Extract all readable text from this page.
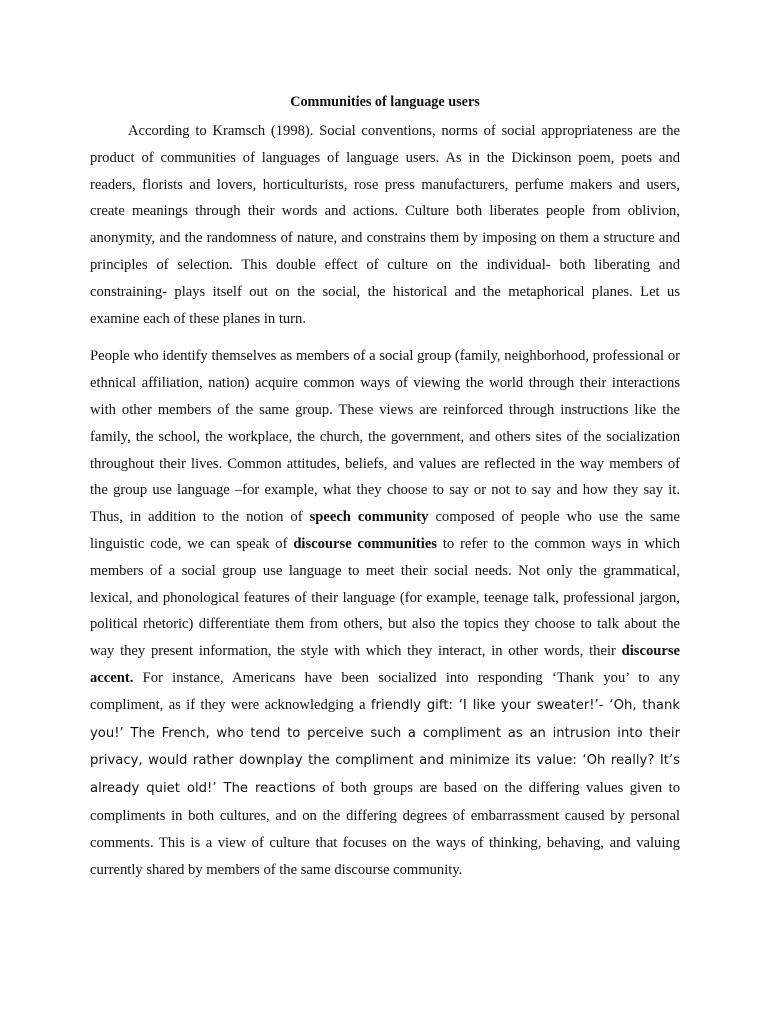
Communities of language users

According to Kramsch (1998). Social conventions, norms of social appropriateness are the product of communities of languages of language users. As in the Dickinson poem, poets and readers, florists and lovers, horticulturists, rose press manufacturers, perfume makers and users, create meanings through their words and actions. Culture both liberates people from oblivion, anonymity, and the randomness of nature, and constrains them by imposing on them a structure and principles of selection. This double effect of culture on the individual- both liberating and constraining- plays itself out on the social, the historical and the metaphorical planes. Let us examine each of these planes in turn.

People who identify themselves as members of a social group (family, neighborhood, professional or ethnical affiliation, nation) acquire common ways of viewing the world through their interactions with other members of the same group. These views are reinforced through instructions like the family, the school, the workplace, the church, the government, and others sites of the socialization throughout their lives. Common attitudes, beliefs, and values are reflected in the way members of the group use language –for example, what they choose to say or not to say and how they say it. Thus, in addition to the notion of speech community composed of people who use the same linguistic code, we can speak of discourse communities to refer to the common ways in which members of a social group use language to meet their social needs. Not only the grammatical, lexical, and phonological features of their language (for example, teenage talk, professional jargon, political rhetoric) differentiate them from others, but also the topics they choose to talk about the way they present information, the style with which they interact, in other words, their discourse accent. For instance, Americans have been socialized into responding ‘Thank you’ to any compliment, as if they were acknowledging a friendly gift: ‘I like your sweater!’- ‘Oh, thank you!’ The French, who tend to perceive such a compliment as an intrusion into their privacy, would rather downplay the compliment and minimize its value: ‘Oh really? It’s already quiet old!’ The reactions of both groups are based on the differing values given to compliments in both cultures, and on the differing degrees of embarrassment caused by personal comments. This is a view of culture that focuses on the ways of thinking, behaving, and valuing currently shared by members of the same discourse community.
